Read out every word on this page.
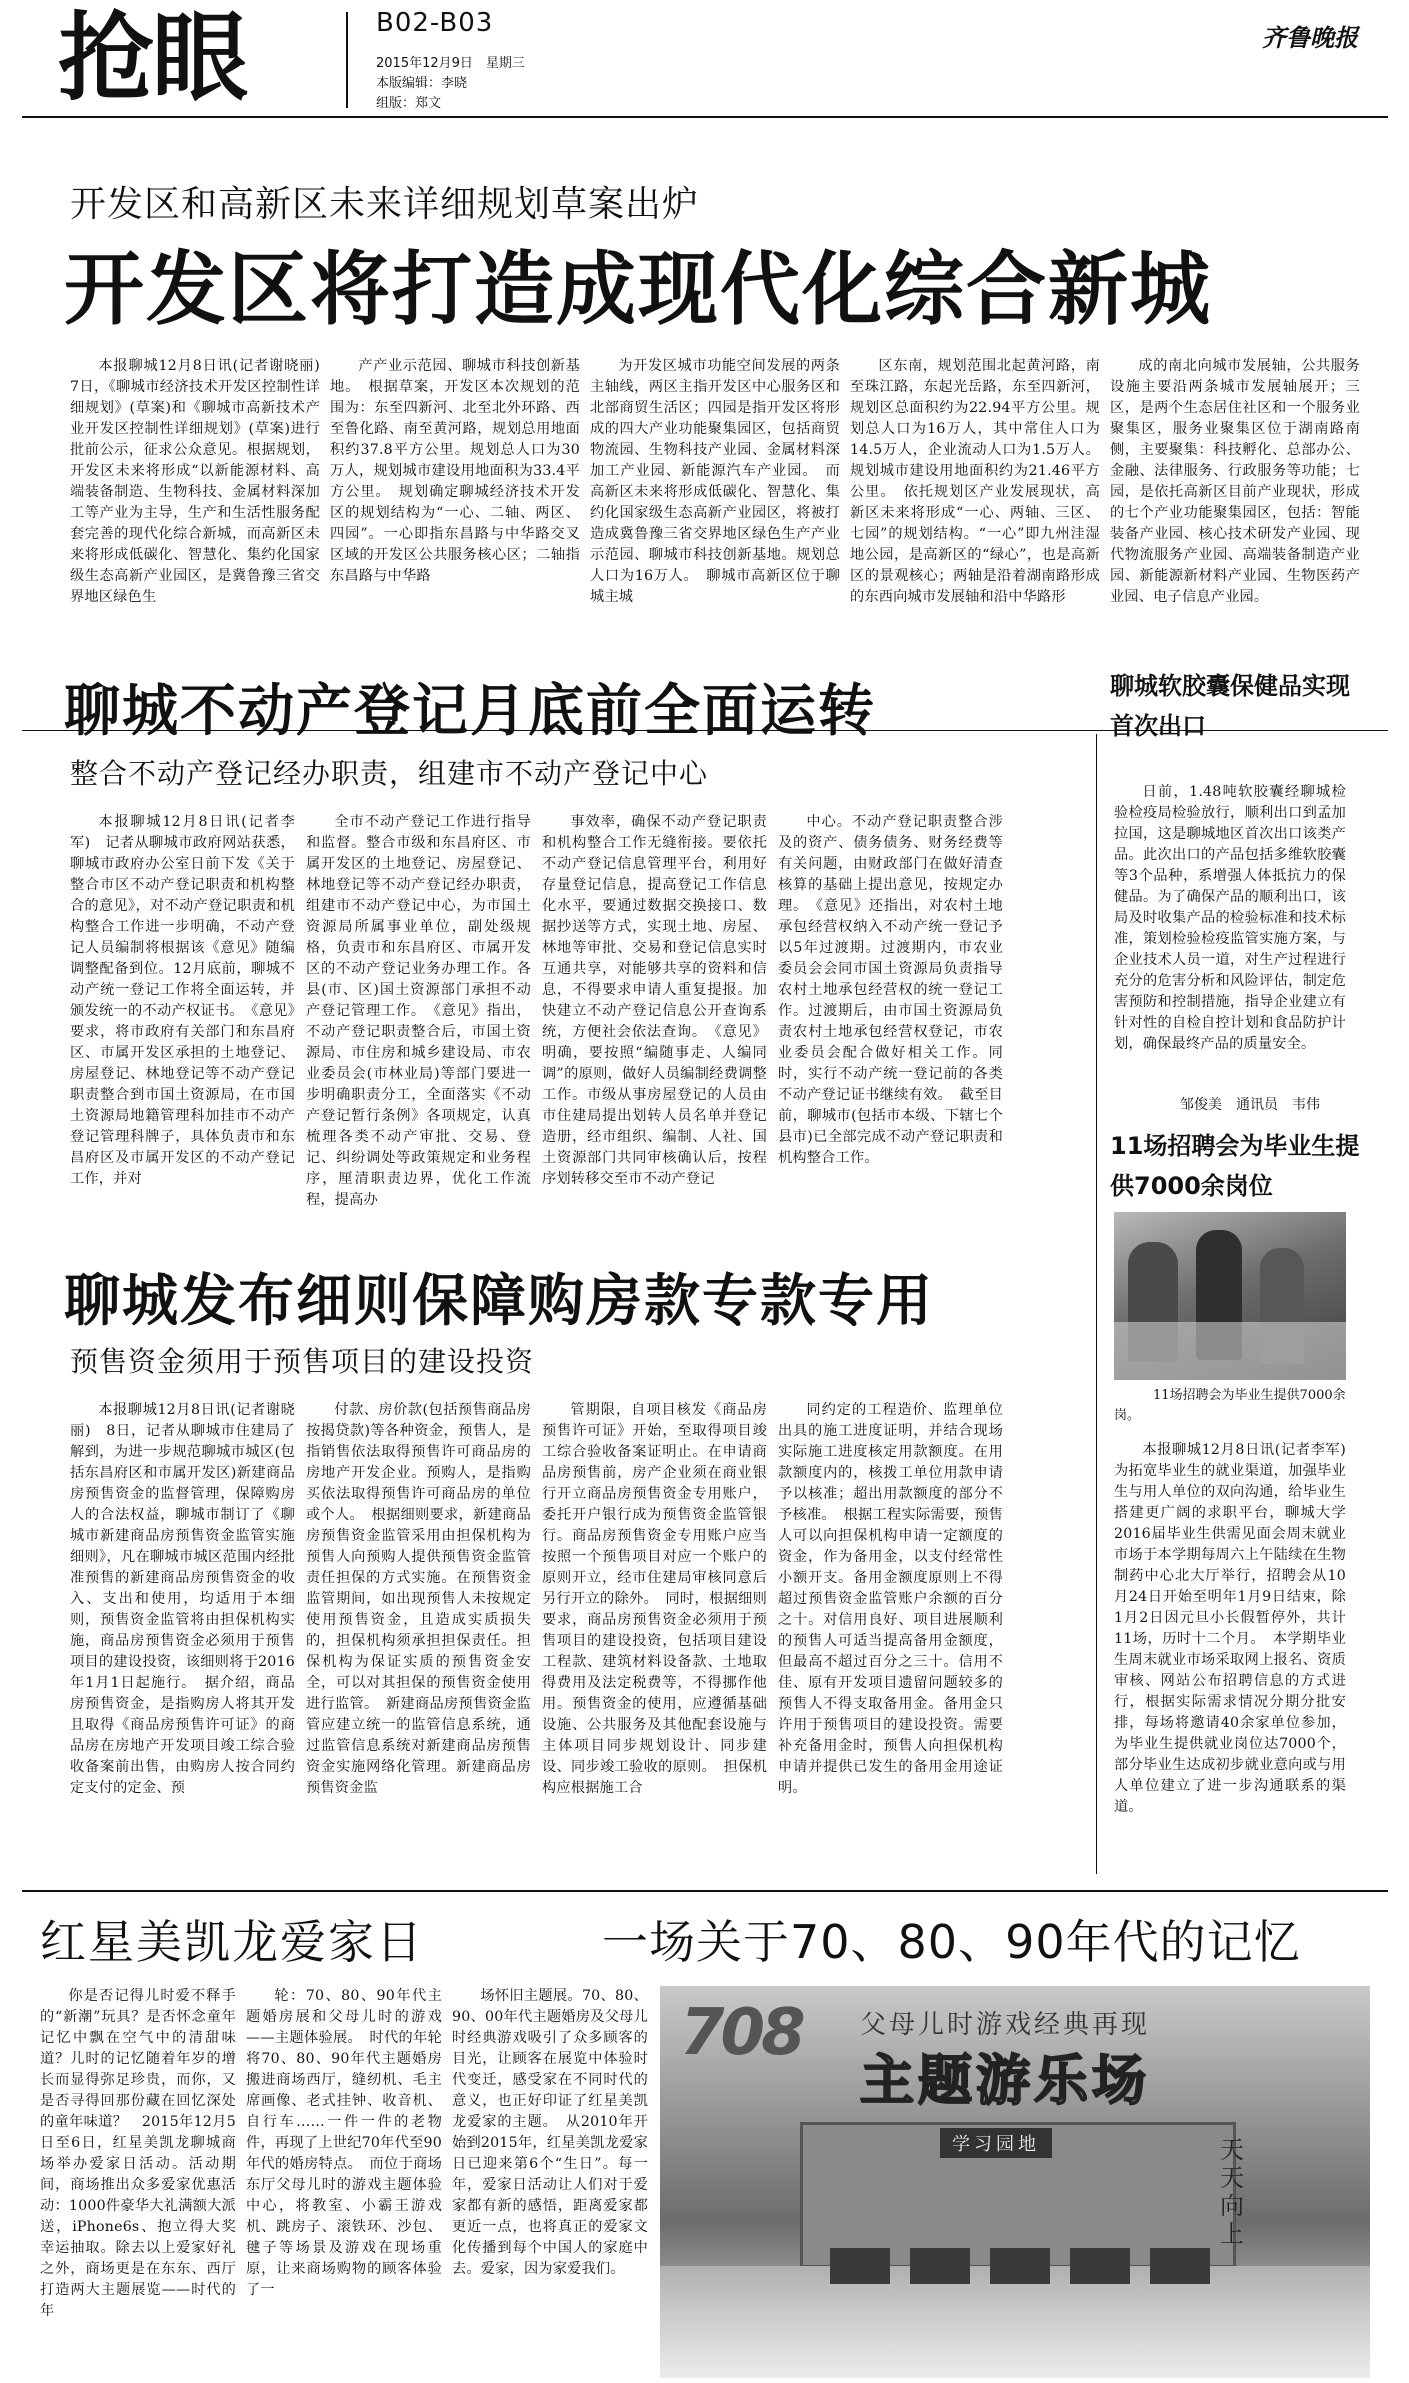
抢眼	B02-B03
2015年12月9日　星期三
本版编辑：李晓
组版：郑文
齐鲁晚报
开发区和高新区未来详细规划草案出炉
开发区将打造成现代化综合新城

本报聊城12月8日讯(记者谢晓丽)　7日，《聊城市经济技术开发区控制性详细规划》(草案)和《聊城市高新技术产业开发区控制性详细规划》(草案)进行批前公示，征求公众意见。根据规划，开发区未来将形成“以新能源材料、高端装备制造、生物科技、金属材料深加工等产业为主导，生产和生活性服务配套完善的现代化综合新城，而高新区未来将形成低碳化、智慧化、集约化国家级生态高新产业园区，是冀鲁豫三省交界地区绿色生

产产业示范园、聊城市科技创新基地。　根据草案，开发区本次规划的范围为：东至四新河、北至北外环路、西至鲁化路、南至黄河路，规划总用地面积约37.8平方公里。规划总人口为30万人，规划城市建设用地面积为33.4平方公里。　规划确定聊城经济技术开发区的规划结构为“一心、二轴、两区、四园”。一心即指东昌路与中华路交叉区域的开发区公共服务核心区；二轴指东昌路与中华路

为开发区城市功能空间发展的两条主轴线，两区主指开发区中心服务区和北部商贸生活区；四园是指开发区将形成的四大产业功能聚集园区，包括商贸物流园、生物科技产业园、金属材料深加工产业园、新能源汽车产业园。　而高新区未来将形成低碳化、智慧化、集约化国家级生态高新产业园区，将被打造成冀鲁豫三省交界地区绿色生产产业示范园、聊城市科技创新基地。规划总人口为16万人。　聊城市高新区位于聊城主城

区东南，规划范围北起黄河路，南至珠江路，东起光岳路，东至四新河，规划区总面积约为22.94平方公里。规划总人口为16万人，其中常住人口为14.5万人，企业流动人口为1.5万人。规划城市建设用地面积约为21.46平方公里。　依托规划区产业发展现状，高新区未来将形成“一心、两轴、三区、七园”的规划结构。“一心”即九州洼湿地公园，是高新区的“绿心”，也是高新区的景观核心；两轴是沿着湖南路形成的东西向城市发展轴和沿中华路形

成的南北向城市发展轴，公共服务设施主要沿两条城市发展轴展开；三区，是两个生态居住社区和一个服务业聚集区，服务业聚集区位于湖南路南侧，主要聚集：科技孵化、总部办公、金融、法律服务、行政服务等功能；七园，是依托高新区目前产业现状，形成的七个产业功能聚集园区，包括：智能装备产业园、核心技术研发产业园、现代物流服务产业园、高端装备制造产业园、新能源新材料产业园、生物医药产业园、电子信息产业园。

聊城不动产登记月底前全面运转
整合不动产登记经办职责，组建市不动产登记中心

本报聊城12月8日讯(记者李军)　记者从聊城市政府网站获悉，聊城市政府办公室日前下发《关于整合市区不动产登记职责和机构整合的意见》，对不动产登记职责和机构整合工作进一步明确，不动产登记人员编制将根据该《意见》随编调整配备到位。12月底前，聊城不动产统一登记工作将全面运转，并颁发统一的不动产权证书。　《意见》要求，将市政府有关部门和东昌府区、市属开发区承担的土地登记、房屋登记、林地登记等不动产登记职责整合到市国土资源局，在市国土资源局地籍管理科加挂市不动产登记管理科牌子，具体负责市和东昌府区及市属开发区的不动产登记工作，并对

全市不动产登记工作进行指导和监督。整合市级和东昌府区、市属开发区的土地登记、房屋登记、林地登记等不动产登记经办职责，组建市不动产登记中心，为市国土资源局所属事业单位，副处级规格，负责市和东昌府区、市属开发区的不动产登记业务办理工作。各县(市、区)国土资源部门承担不动产登记管理工作。　《意见》指出，不动产登记职责整合后，市国土资源局、市住房和城乡建设局、市农业委员会(市林业局)等部门要进一步明确职责分工，全面落实《不动产登记暂行条例》各项规定，认真梳理各类不动产审批、交易、登记、纠纷调处等政策规定和业务程序，厘清职责边界，优化工作流程，提高办

事效率，确保不动产登记职责和机构整合工作无缝衔接。要依托不动产登记信息管理平台，利用好存量登记信息，提高登记工作信息化水平，要通过数据交换接口、数据抄送等方式，实现土地、房屋、林地等审批、交易和登记信息实时互通共享，对能够共享的资料和信息，不得要求申请人重复提报。加快建立不动产登记信息公开查询系统，方便社会依法查询。　《意见》明确，要按照“编随事走、人编同调”的原则，做好人员编制经费调整工作。市级从事房屋登记的人员由市住建局提出划转人员名单并登记造册，经市组织、编制、人社、国土资源部门共同审核确认后，按程序划转移交至市不动产登记

中心。不动产登记职责整合涉及的资产、债务债务、财务经费等有关问题，由财政部门在做好清查核算的基础上提出意见，按规定办理。　《意见》还指出，对农村土地承包经营权纳入不动产统一登记予以5年过渡期。过渡期内，市农业委员会会同市国土资源局负责指导农村土地承包经营权的统一登记工作。过渡期后，由市国土资源局负责农村土地承包经营权登记，市农业委员会配合做好相关工作。同时，实行不动产统一登记前的各类不动产登记证书继续有效。　截至目前，聊城市(包括市本级、下辖七个县市)已全部完成不动产登记职责和机构整合工作。

聊城发布细则保障购房款专款专用
预售资金须用于预售项目的建设投资

本报聊城12月8日讯(记者谢晓丽)　8日，记者从聊城市住建局了解到，为进一步规范聊城市城区(包括东昌府区和市属开发区)新建商品房预售资金的监督管理，保障购房人的合法权益，聊城市制订了《聊城市新建商品房预售资金监管实施细则》，凡在聊城市城区范围内经批准预售的新建商品房预售资金的收入、支出和使用，均适用于本细则，预售资金监管将由担保机构实施，商品房预售资金必须用于预售项目的建设投资，该细则将于2016年1月1日起施行。　据介绍，商品房预售资金，是指购房人将其开发且取得《商品房预售许可证》的商品房在房地产开发项目竣工综合验收备案前出售，由购房人按合同约定支付的定金、预

付款、房价款(包括预售商品房按揭贷款)等各种资金，预售人，是指销售依法取得预售许可商品房的房地产开发企业。预购人，是指购买依法取得预售许可商品房的单位或个人。　根据细则要求，新建商品房预售资金监管采用由担保机构为预售人向预购人提供预售资金监管责任担保的方式实施。在预售资金监管期间，如出现预售人未按规定使用预售资金，且造成实质损失的，担保机构须承担担保责任。担保机构为保证实质的预售资金安全，可以对其担保的预售资金使用进行监管。　新建商品房预售资金监管应建立统一的监管信息系统，通过监管信息系统对新建商品房预售资金实施网络化管理。新建商品房预售资金监

管期限，自项目核发《商品房预售许可证》开始，至取得项目竣工综合验收备案证明止。在申请商品房预售前，房产企业须在商业银行开立商品房预售资金专用账户，委托开户银行成为预售资金监管银行。商品房预售资金专用账户应当按照一个预售项目对应一个账户的原则开立，经市住建局审核同意后另行开立的除外。　同时，根据细则要求，商品房预售资金必须用于预售项目的建设投资，包括项目建设工程款、建筑材料设备款、土地取得费用及法定税费等，不得挪作他用。预售资金的使用，应遵循基础设施、公共服务及其他配套设施与主体项目同步规划设计、同步建设、同步竣工验收的原则。　担保机构应根据施工合

同约定的工程造价、监理单位出具的施工进度证明，并结合现场实际施工进度核定用款额度。在用款额度内的，核拨工单位用款申请予以核准；超出用款额度的部分不予核准。　根据工程实际需要，预售人可以向担保机构申请一定额度的资金，作为备用金，以支付经常性小额开支。备用金额度原则上不得超过预售资金监管账户余额的百分之十。对信用良好、项目进展顺利的预售人可适当提高备用金额度，但最高不超过百分之三十。信用不佳、原有开发项目遗留问题较多的预售人不得支取备用金。备用金只许用于预售项目的建设投资。需要补充备用金时，预售人向担保机构申请并提供已发生的备用金用途证明。

聊城软胶囊保健品实现首次出口

日前，1.48吨软胶囊经聊城检验检疫局检验放行，顺利出口到孟加拉国，这是聊城地区首次出口该类产品。此次出口的产品包括多维软胶囊等3个品种，系增强人体抵抗力的保健品。为了确保产品的顺利出口，该局及时收集产品的检验标准和技术标准，策划检验检疫监管实施方案，与企业技术人员一道，对生产过程进行充分的危害分析和风险评估，制定危害预防和控制措施，指导企业建立有针对性的自检自控计划和食品防护计划，确保最终产品的质量安全。

邹俊美　通讯员　韦伟
11场招聘会为毕业生提供7000余岗位
11场招聘会为毕业生提供7000余岗。

本报聊城12月8日讯(记者李军)　为拓宽毕业生的就业渠道，加强毕业生与用人单位的双向沟通，给毕业生搭建更广阔的求职平台，聊城大学2016届毕业生供需见面会周末就业市场于本学期每周六上午陆续在生物制药中心北大厅举行，招聘会从10月24日开始至明年1月9日结束，除1月2日因元旦小长假暂停外，共计11场，历时十二个月。　本学期毕业生周末就业市场采取网上报名、资质审核、网站公布招聘信息的方式进行，根据实际需求情况分期分批安排，每场将邀请40余家单位参加，为毕业生提供就业岗位达7000个，部分毕业生达成初步就业意向或与用人单位建立了进一步沟通联系的渠道。

红星美凯龙爱家日	一场关于70、80、90年代的记忆

你是否记得儿时爱不释手的“新潮”玩具？是否怀念童年记忆中飘在空气中的清甜味道？儿时的记忆随着年岁的增长而显得弥足珍贵，而你，又是否寻得回那份藏在回忆深处的童年味道？　2015年12月5日至6日，红星美凯龙聊城商场举办爱家日活动。活动期间，商场推出众多爱家优惠活动：1000件豪华大礼满额大派送，iPhone6s、抱立得大奖幸运抽取。除去以上爱家好礼之外，商场更是在东东、西厅打造两大主题展览——时代的年

轮：70、80、90年代主题婚房展和父母儿时的游戏——主题体验展。　时代的年轮将70、80、90年代主题婚房搬进商场西厅，缝纫机、毛主席画像、老式挂钟、收音机、自行车……一件一件的老物件，再现了上世纪70年代至90年代的婚房特点。　而位于商场东厅父母儿时的游戏主题体验中心，将教室、小霸王游戏机、跳房子、滚铁环、沙包、毽子等场景及游戏在现场重原，让来商场购物的顾客体验了一

场怀旧主题展。70、80、90、00年代主题婚房及父母儿时经典游戏吸引了众多顾客的目光，让顾客在展览中体验时代变迁，感受家在不同时代的意义，也正好印证了红星美凯龙爱家的主题。　从2010年开始到2015年，红星美凯龙爱家日已迎来第6个“生日”。每一年，爱家日活动让人们对于爱家都有新的感悟，距离爱家都更近一点，也将真正的爱家文化传播到每个中国人的家庭中去。爱家，因为家爱我们。

708 父母儿时游戏经典再现
主题游乐场
学习园地	天天向上
